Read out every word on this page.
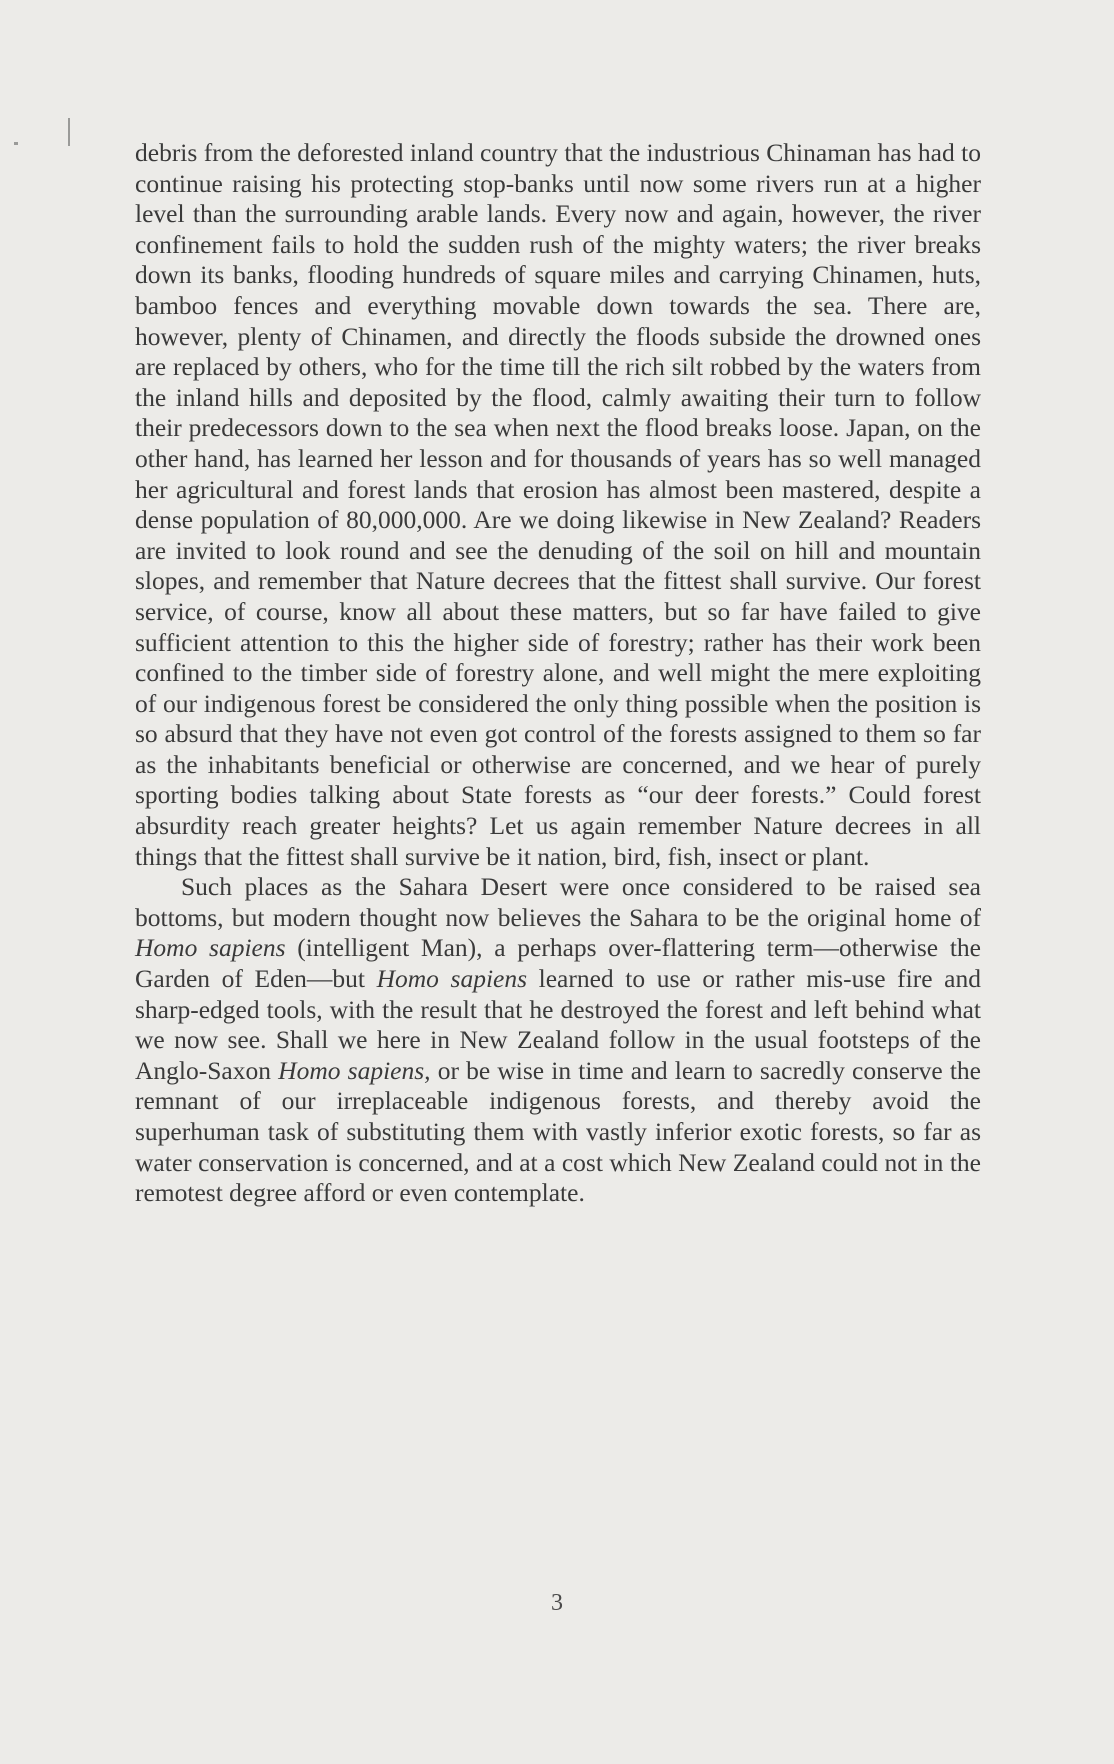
debris from the deforested inland country that the industrious Chinaman has had to continue raising his protecting stop-banks until now some rivers run at a higher level than the surrounding arable lands. Every now and again, however, the river confinement fails to hold the sudden rush of the mighty waters; the river breaks down its banks, flooding hundreds of square miles and carrying Chinamen, huts, bamboo fences and everything movable down towards the sea. There are, however, plenty of Chinamen, and directly the floods subside the drowned ones are replaced by others, who for the time till the rich silt robbed by the waters from the inland hills and deposited by the flood, calmly awaiting their turn to follow their predecessors down to the sea when next the flood breaks loose. Japan, on the other hand, has learned her lesson and for thousands of years has so well managed her agricultural and forest lands that erosion has almost been mastered, despite a dense population of 80,000,000. Are we doing likewise in New Zealand? Readers are invited to look round and see the denuding of the soil on hill and mountain slopes, and remember that Nature decrees that the fittest shall survive. Our forest service, of course, know all about these matters, but so far have failed to give sufficient attention to this the higher side of forestry; rather has their work been confined to the timber side of forestry alone, and well might the mere exploiting of our indigenous forest be considered the only thing possible when the position is so absurd that they have not even got control of the forests assigned to them so far as the inhabitants beneficial or otherwise are concerned, and we hear of purely sporting bodies talking about State forests as “our deer forests.” Could forest absurdity reach greater heights? Let us again remember Nature decrees in all things that the fittest shall survive be it nation, bird, fish, insect or plant.

Such places as the Sahara Desert were once considered to be raised sea bottoms, but modern thought now believes the Sahara to be the original home of Homo sapiens (intelligent Man), a perhaps over-flattering term—otherwise the Garden of Eden—but Homo sapiens learned to use or rather mis-use fire and sharp-edged tools, with the result that he destroyed the forest and left behind what we now see. Shall we here in New Zealand follow in the usual footsteps of the Anglo-Saxon Homo sapiens, or be wise in time and learn to sacredly conserve the remnant of our irreplaceable indigenous forests, and thereby avoid the superhuman task of substituting them with vastly inferior exotic forests, so far as water conservation is concerned, and at a cost which New Zealand could not in the remotest degree afford or even contemplate.

3
